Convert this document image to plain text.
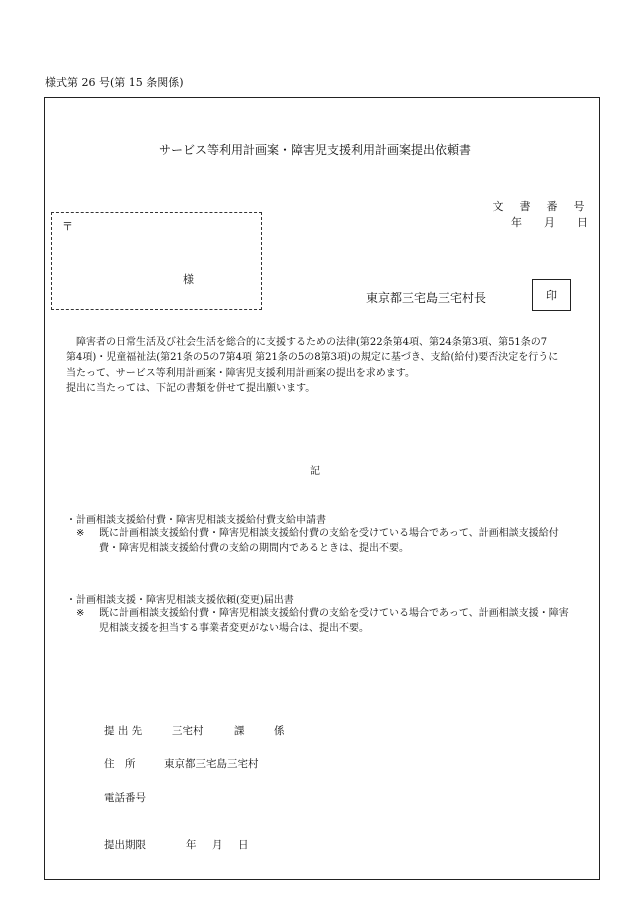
様式第 26 号(第 15 条関係)
サービス等利用計画案・障害児支援利用計画案提出依頼書
文 書 番 号
年 月 日
〒
様
東京都三宅島三宅村長	印
障害者の日常生活及び社会生活を総合的に支援するための法律(第22条第4項、第24条第3項、第51条の7
第4項)・児童福祉法(第21条の5の7第4項 第21条の5の8第3項)の規定に基づき、支給(給付)要否決定を行うに
当たって、サービス等利用計画案・障害児支援利用計画案の提出を求めます。
提出に当たっては、下記の書類を併せて提出願います。
記
・計画相談支援給付費・障害児相談支援給付費支給申請書
※ 既に計画相談支援給付費・障害児相談支援給付費の支給を受けている場合であって、計画相談支援給付
費・障害児相談支援給付費の支給の期間内であるときは、提出不要。
・計画相談支援・障害児相談支援依頼(変更)届出書
※ 既に計画相談支援給付費・障害児相談支援給付費の支給を受けている場合であって、計画相談支援・障害
児相談支援を担当する事業者変更がない場合は、提出不要。
提 出 先	三宅村	課	係
住　所	東京都三宅島三宅村
電話番号
提出期限	年 月 日
